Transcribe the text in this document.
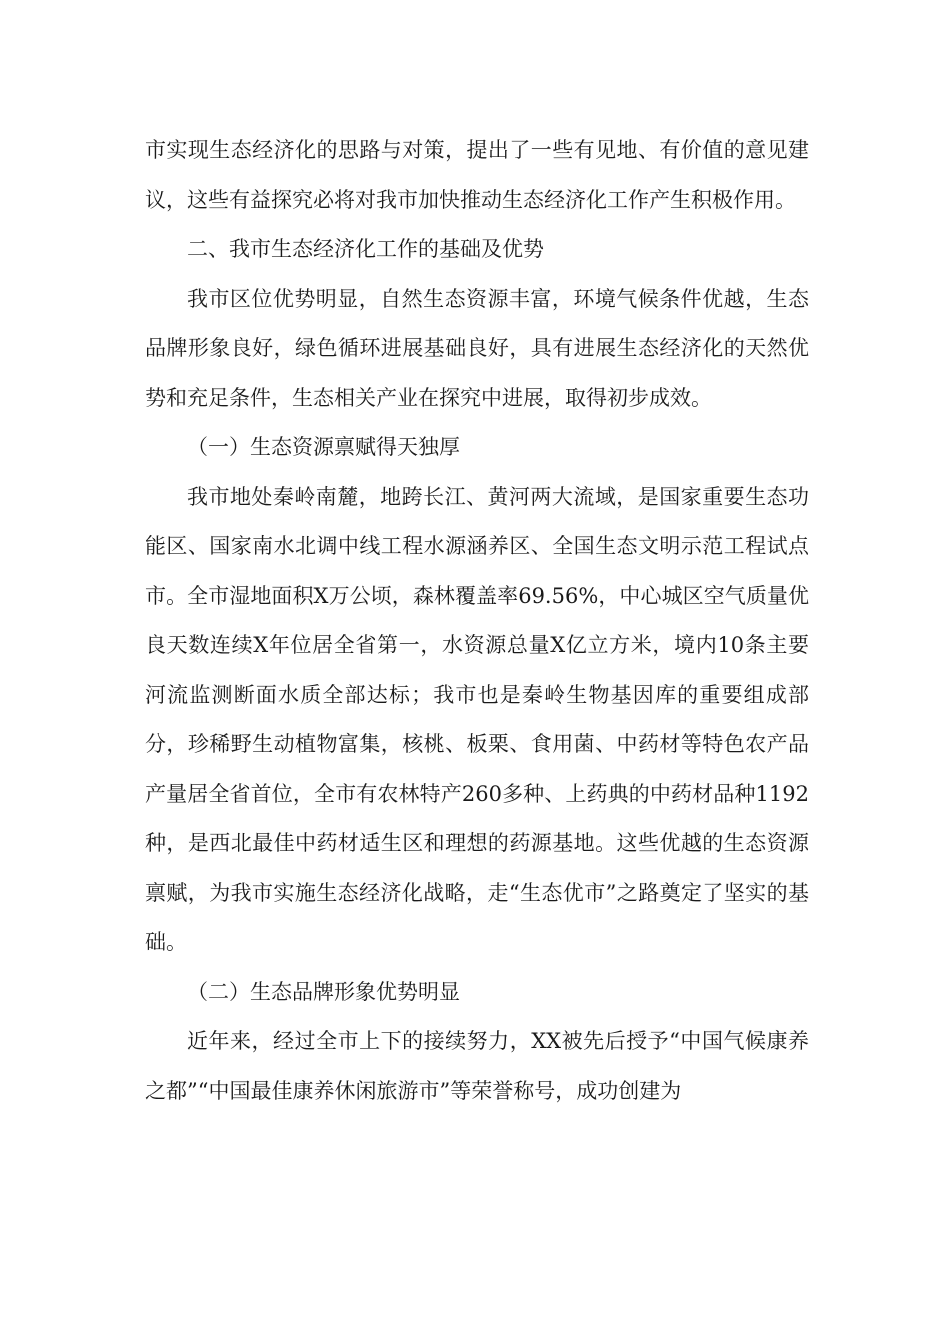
市实现生态经济化的思路与对策，提出了一些有见地、有价值的意见建议，这些有益探究必将对我市加快推动生态经济化工作产生积极作用。

二、我市生态经济化工作的基础及优势

我市区位优势明显，自然生态资源丰富，环境气候条件优越，生态品牌形象良好，绿色循环进展基础良好，具有进展生态经济化的天然优势和充足条件，生态相关产业在探究中进展，取得初步成效。

（一）生态资源禀赋得天独厚

我市地处秦岭南麓，地跨长江、黄河两大流域，是国家重要生态功能区、国家南水北调中线工程水源涵养区、全国生态文明示范工程试点市。全市湿地面积X万公顷，森林覆盖率69.56%，中心城区空气质量优良天数连续X年位居全省第一，水资源总量X亿立方米，境内10条主要河流监测断面水质全部达标；我市也是秦岭生物基因库的重要组成部分，珍稀野生动植物富集，核桃、板栗、食用菌、中药材等特色农产品产量居全省首位，全市有农林特产260多种、上药典的中药材品种1192种，是西北最佳中药材适生区和理想的药源基地。这些优越的生态资源禀赋，为我市实施生态经济化战略，走“生态优市”之路奠定了坚实的基础。

（二）生态品牌形象优势明显

近年来，经过全市上下的接续努力，XX被先后授予“中国气候康养之都”“中国最佳康养休闲旅游市”等荣誉称号，成功创建为
